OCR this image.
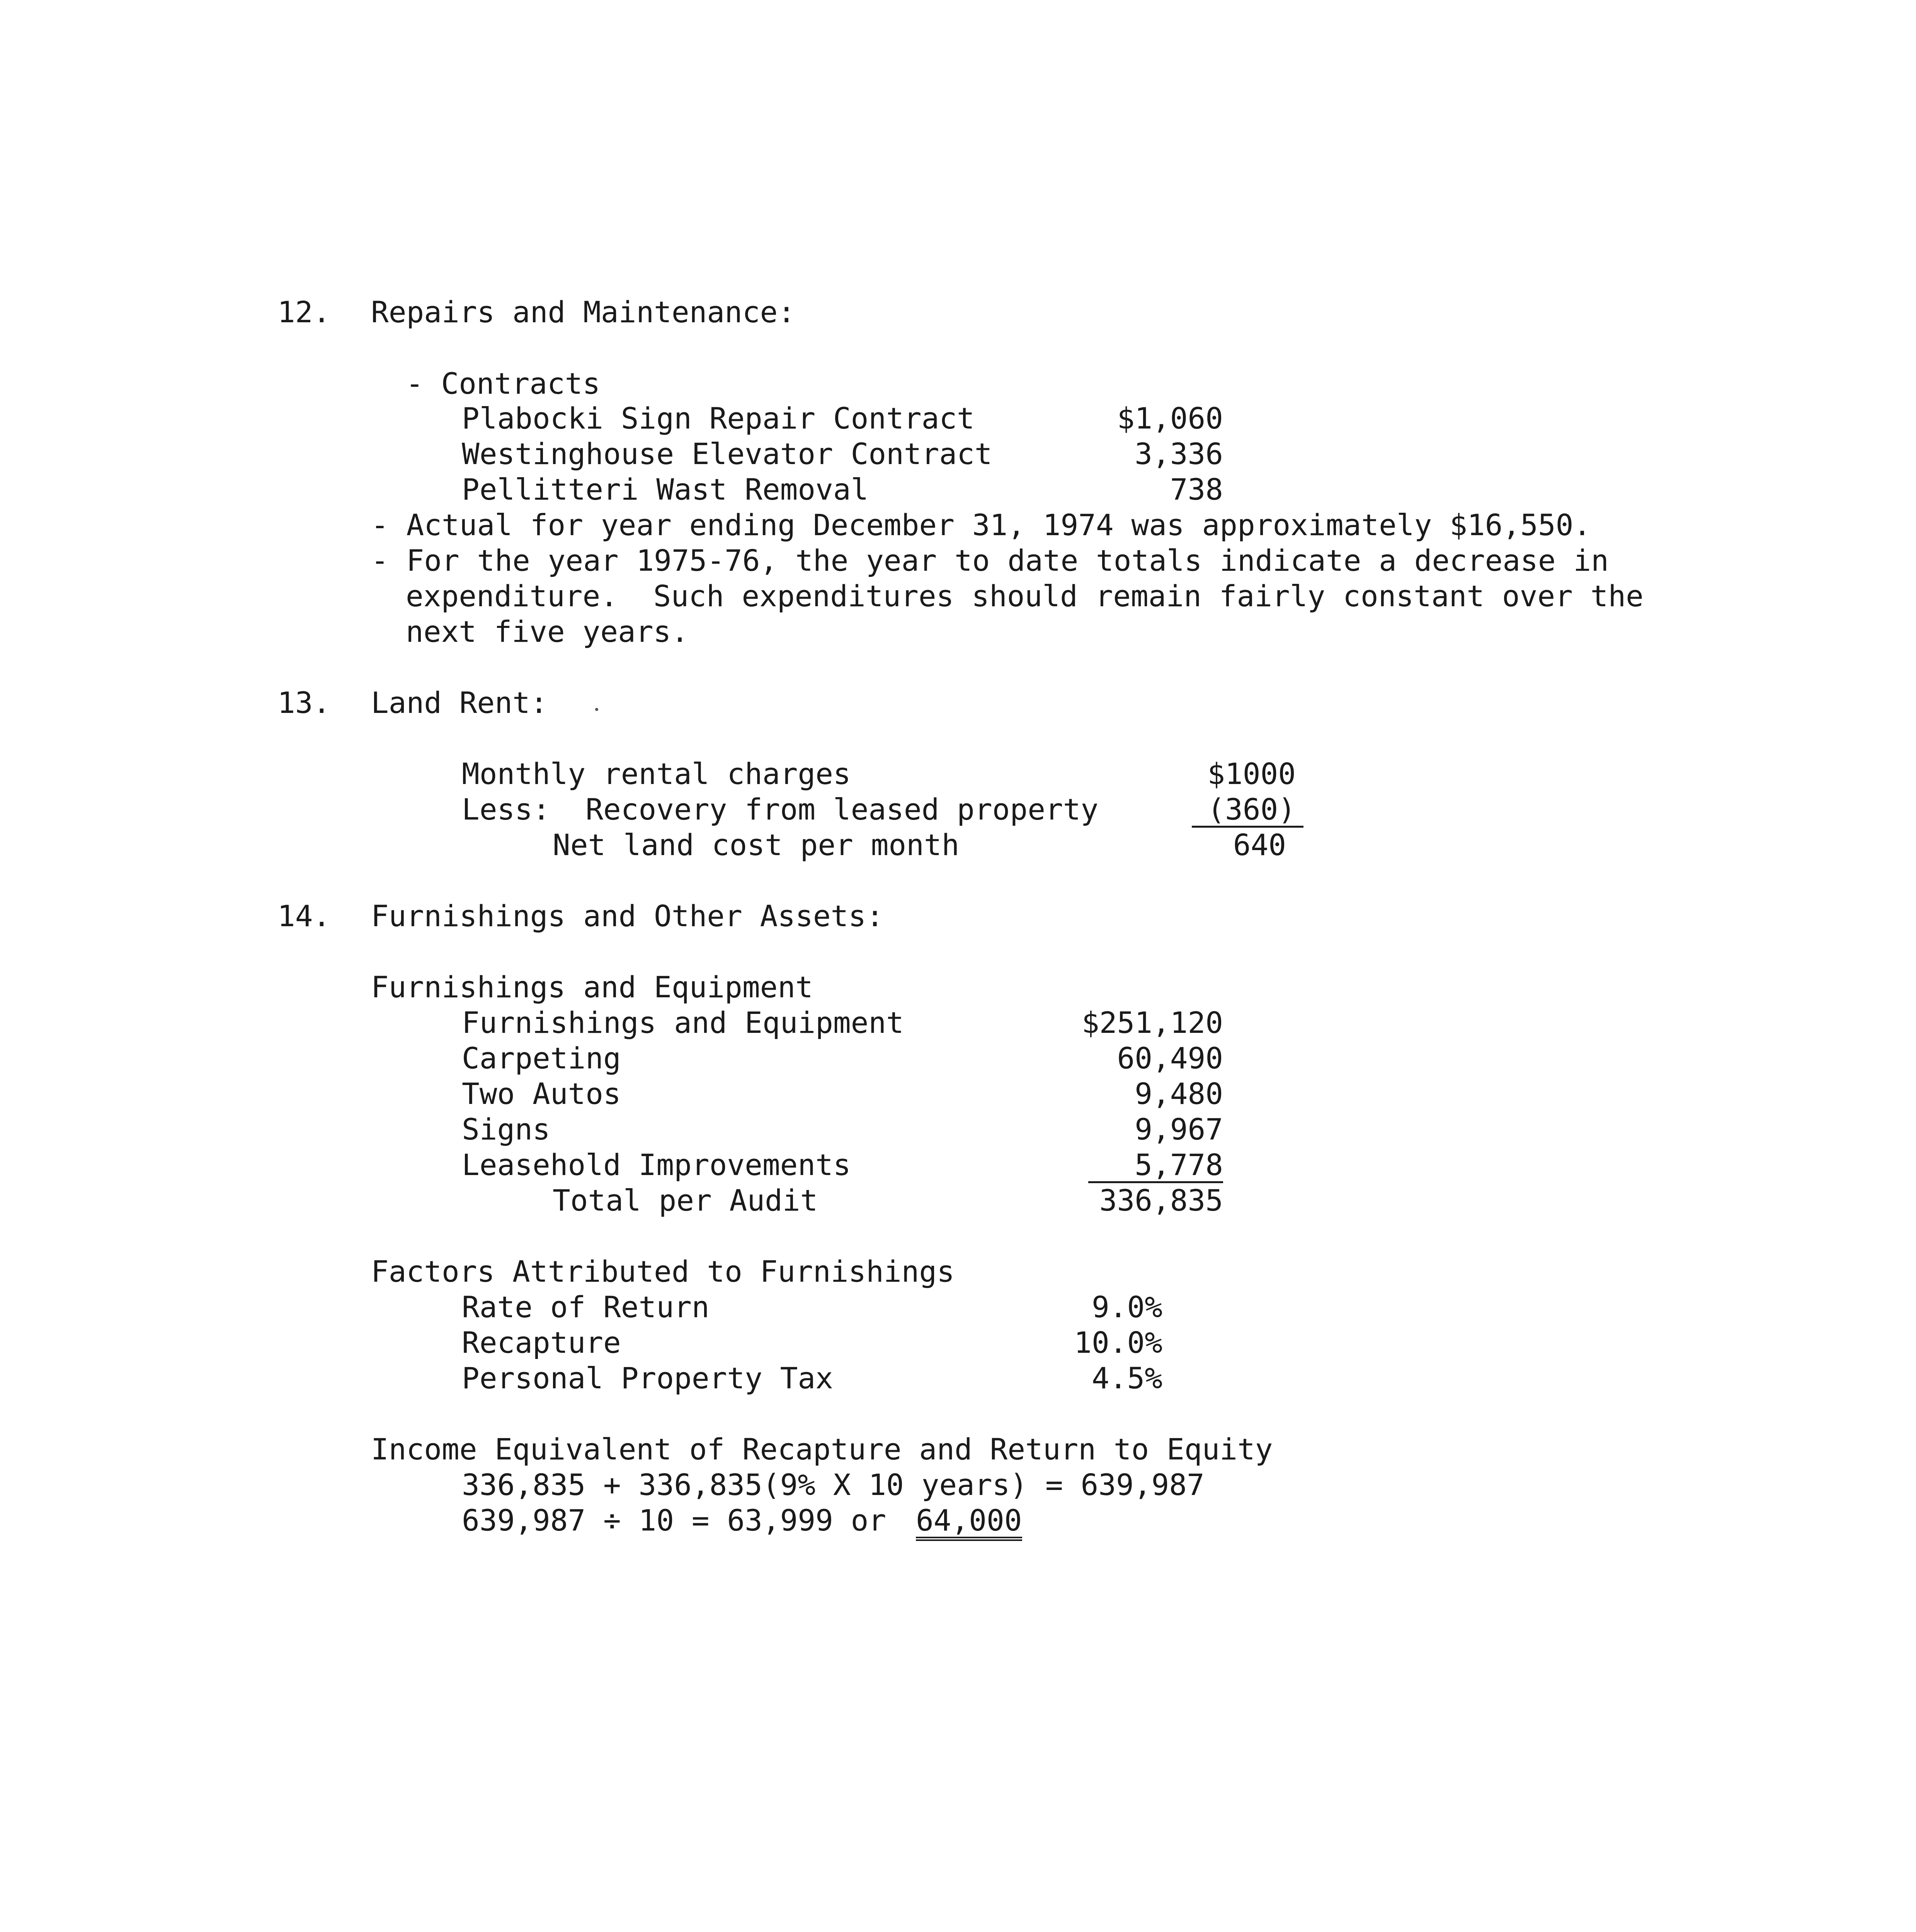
12. Repairs and Maintenance:
- Contracts
Plabocki Sign Repair Contract	$1,060
Westinghouse Elevator Contract	3,336
Pellitteri Wast Removal	738
- Actual for year ending December 31, 1974 was approximately $16,550.
- For the year 1975-76, the year to date totals indicate a decrease in
expenditure.  Such expenditures should remain fairly constant over the
next five years.
13. Land Rent:
Monthly rental charges	$1000
Less:  Recovery from leased property	(360)
Net land cost per month	640
14. Furnishings and Other Assets:
Furnishings and Equipment
Furnishings and Equipment	$251,120
Carpeting	60,490
Two Autos	9,480
Signs	9,967
Leasehold Improvements	5,778
Total per Audit	336,835
Factors Attributed to Furnishings
Rate of Return	9.0%
Recapture	10.0%
Personal Property Tax	4.5%
Income Equivalent of Recapture and Return to Equity
336,835 + 336,835(9% X 10 years) = 639,987
639,987 ÷ 10 = 63,999 or 64,000
